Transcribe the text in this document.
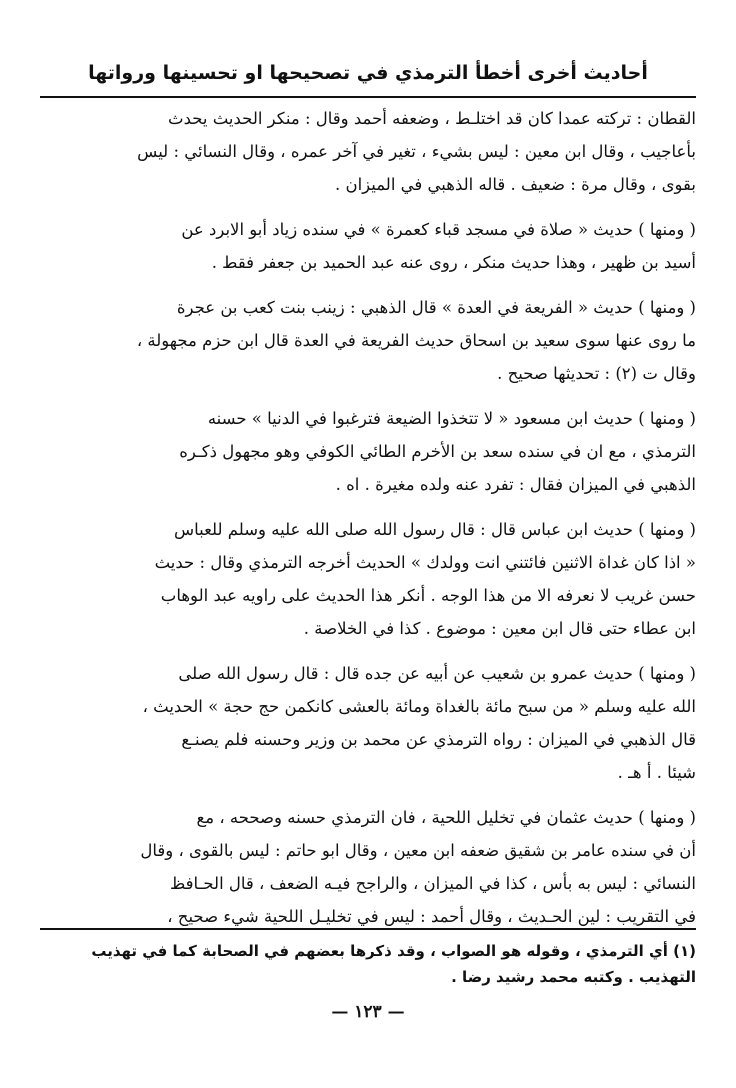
أحاديث أخرى أخطأ الترمذي في تصحيحها او تحسينها ورواتها
القطان : تركته عمدا كان قد اختلـط ، وضعفه أحمد وقال : منكر الحديث يحدث
بأعاجيب ، وقال ابن معين : ليس بشيء ، تغير في آخر عمره ، وقال النسائي : ليس
بقوى ، وقال مرة : ضعيف . قاله الذهبي في الميزان .
( ومنها ) حديث « صلاة في مسجد قباء كعمرة » في سنده زياد أبو الابرد عن
أسيد بن ظهير ، وهذا حديث منكر ، روى عنه عبد الحميد بن جعفر فقط .
( ومنها ) حديث « الفريعة في العدة » قال الذهبي : زينب بنت كعب بن عجرة
ما روى عنها سوى سعيد بن اسحاق حديث الفريعة في العدة قال ابن حزم مجهولة ،
وقال ت (٢) : تحديثها صحيح .
( ومنها ) حديث ابن مسعود « لا تتخذوا الضيعة فترغبوا في الدنيا » حسنه
الترمذي ، مع ان في سنده سعد بن الأخرم الطائي الكوفي وهو مجهول ذكـره
الذهبي في الميزان فقال : تفرد عنه ولده مغيرة . اه .
( ومنها ) حديث ابن عباس قال : قال رسول الله صلى الله عليه وسلم للعباس
« اذا كان غداة الاثنين فائتني انت وولدك » الحديث أخرجه الترمذي وقال : حديث
حسن غريب لا نعرفه الا من هذا الوجه . أنكر هذا الحديث على راويه عبد الوهاب
ابن عطاء حتى قال ابن معين : موضوع . كذا في الخلاصة .
( ومنها ) حديث عمرو بن شعيب عن أبيه عن جده قال : قال رسول الله صلى
الله عليه وسلم « من سبح مائة بالغداة ومائة بالعشى كانكمن حج حجة » الحديث ،
قال الذهبي في الميزان : رواه الترمذي عن محمد بن وزير وحسنه فلم يصنـع
شيئا . أ هـ .
( ومنها ) حديث عثمان في تخليل اللحية ، فان الترمذي حسنه وصححه ، مع
أن في سنده عامر بن شقيق ضعفه ابن معين ، وقال ابو حاتم : ليس بالقوى ، وقال
النسائي : ليس به بأس ، كذا في الميزان ، والراجح فيـه الضعف ، قال الحـافظ
في التقريب : لين الحـديث ، وقال أحمد : ليس في تخليـل اللحية شيء صحيح ،
(١) أي الترمذي ، وقوله هو الصواب ، وقد ذكرها بعضهم في الصحابة كما في تهذيب
التهذيب . وكتبه محمد رشيد رضا .
— ١٢٣ —
